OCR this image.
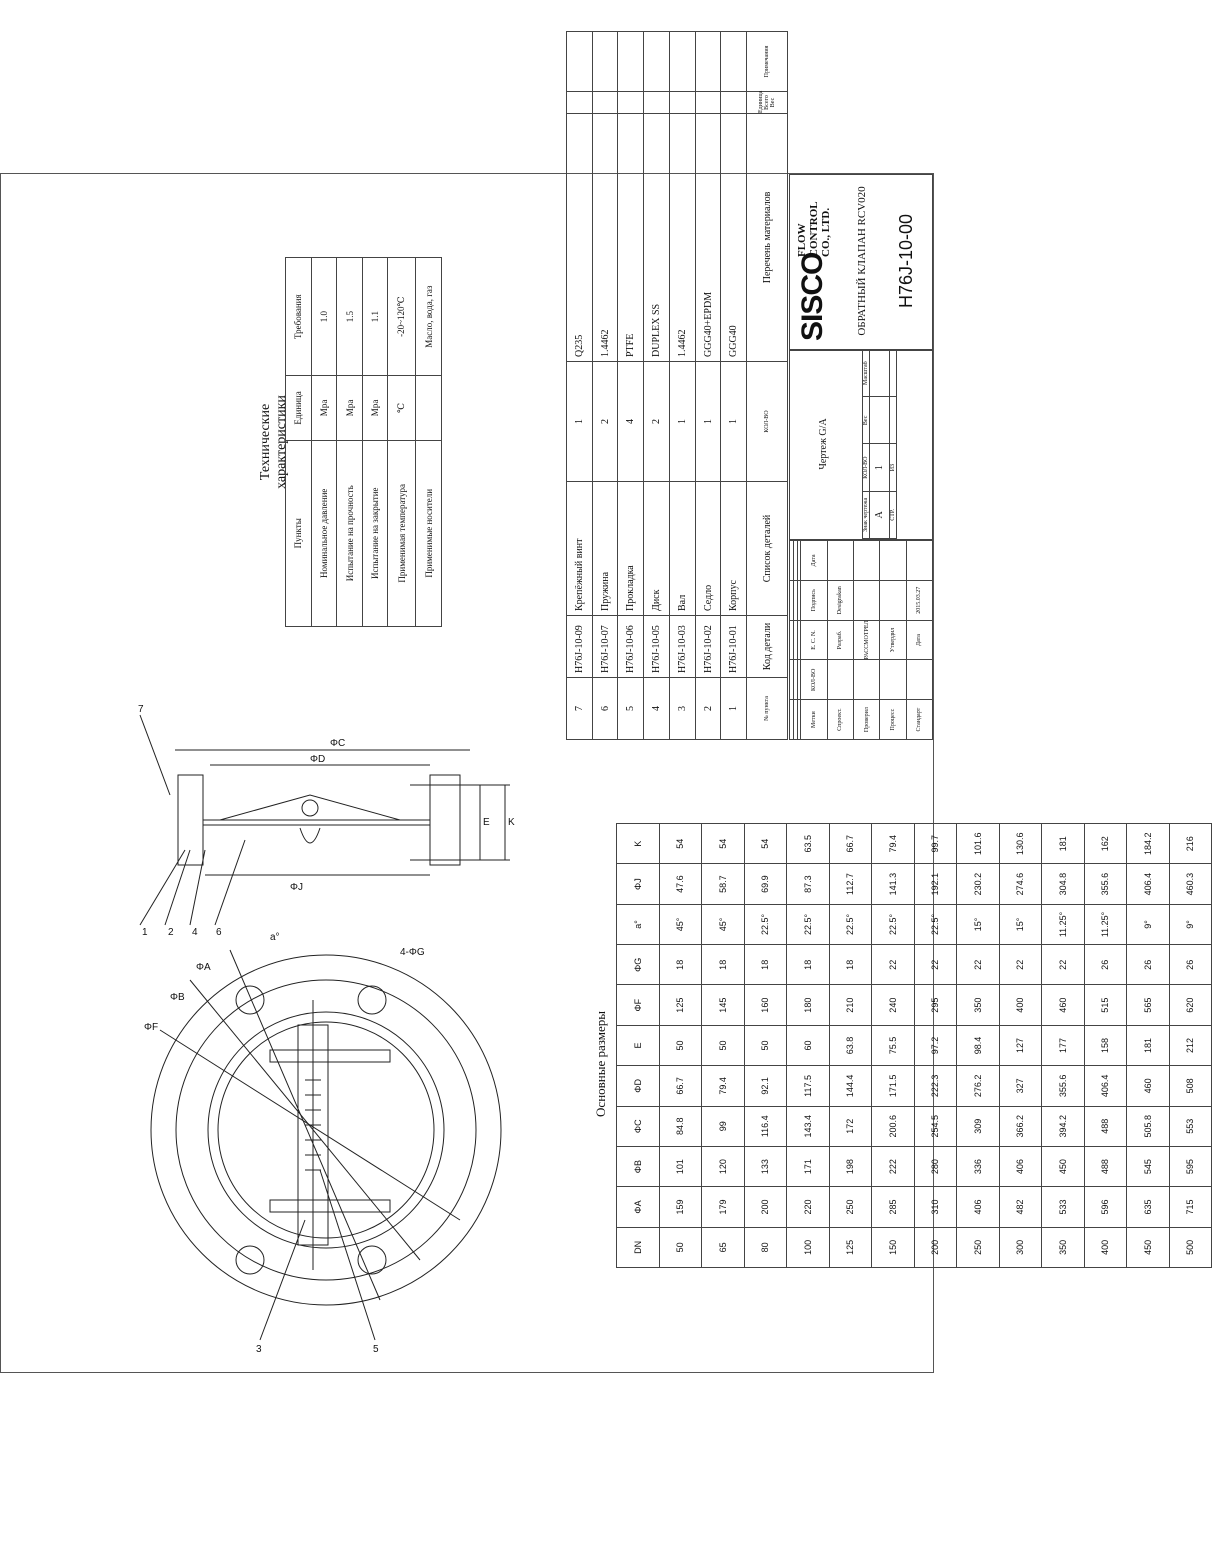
7
1 2 4 6
3	5
ΦF
ΦB
ΦA
a°
4-ΦG
ΦJ
ΦD
ΦC
E K
Технические характеристики
Пункты	Единица	Требования
Номинальное давление	Mpa	1.0
Испытание на прочность	Mpa	1.5
Испытание на закрытие	Mpa	1.1
Применимая температура	℃	-20~120℃
Применимые носители		Масло, вода, газ
Основные размеры
DN	ΦA	ΦB	ΦC	ΦD	E	ΦF	ΦG	a°	ΦJ	K
50	159	101	84.8	66.7	50	125	18	45°	47.6	54
65	179	120	99	79.4	50	145	18	45°	58.7	54
80	200	133	116.4	92.1	50	160	18	22.5°	69.9	54
100	220	171	143.4	117.5	60	180	18	22.5°	87.3	63.5
125	250	198	172	144.4	63.8	210	18	22.5°	112.7	66.7
150	285	222	200.6	171.5	75.5	240	22	22.5°	141.3	79.4
200	310	280	254.5	222.3	97.2	295	22	22.5°	192.1	99.7
250	406	336	309	276.2	98.4	350	22	15°	230.2	101.6
300	482	406	366.2	327	127	400	22	15°	274.6	130.6
350	533	450	394.2	355.6	177	460	22	11.25°	304.8	181
400	596	488	488	406.4	158	515	26	11.25°	355.6	162
450	635	545	505.8	460	181	565	26	9°	406.4	184.2
500	715	595	553	508	212	620	26	9°	460.3	216
7	H76J-10-09	Крепёжный винт	1	Q235		
6	H76J-10-07	Пружина	2	1.4462		
5	H76J-10-06	Прокладка	4	PTFE		
4	H76J-10-05	Диск	2	DUPLEX SS		
3	H76J-10-03	Вал	1	1.4462		
2	H76J-10-02	Седло	1	GGG40+EPDM		
1	H76J-10-01	Корпус	1	GGG40		
№ пункта	Код детали	Список деталей	КОЛ-ВО	Перечень материалов	Единица Всего
Вес	Примечания

Метки	КОЛ-ВО	E. C. N.	Подпись	Дата
Спроект.		Разраб.	Designskan	
Проверил		РАССМОТРЕЛ		
Процесс		Утвердил		
Стандарт		Дата	2015.03.27	
Чертеж G/A
Знак чертежа	КОЛ-ВО	Вес	Масштаб
A	1		
СТР.	ИЗ		
SISCO
FLOW CONTROL CO., LTD. ОБРАТНЫЙ КЛАПАН RCV020 H76J-10-00
